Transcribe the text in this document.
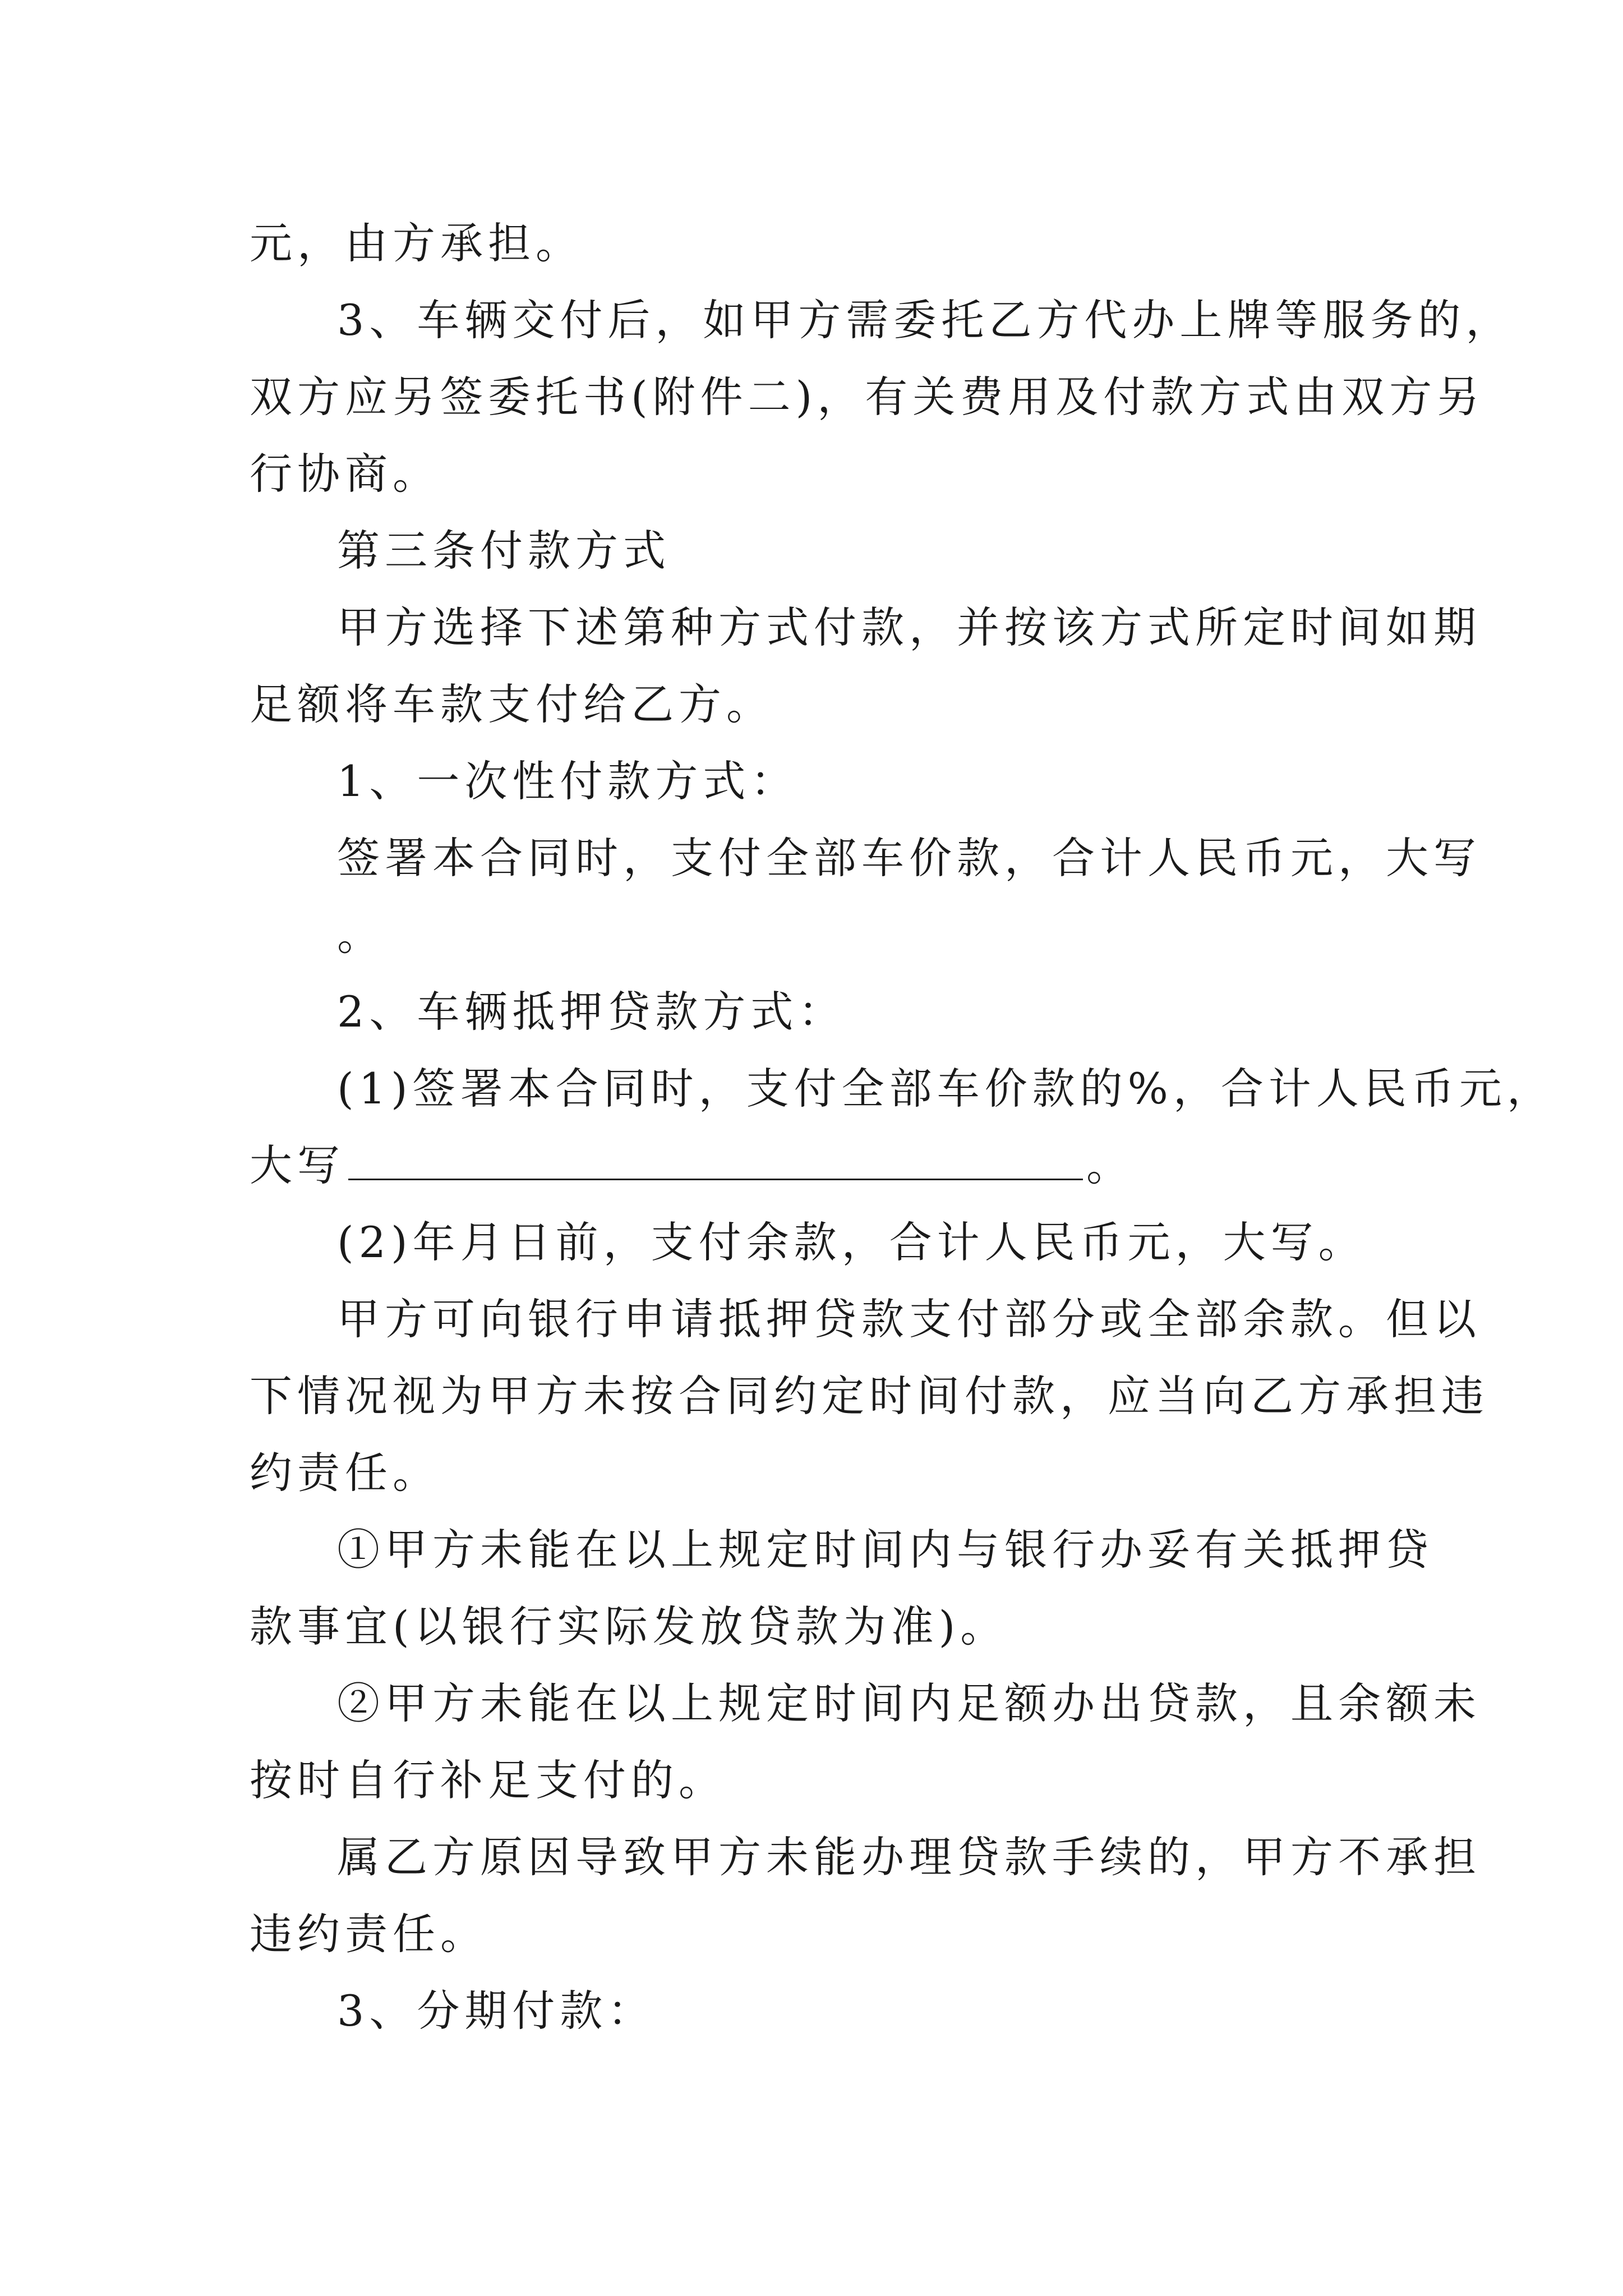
元，由方承担。
3、车辆交付后，如甲方需委托乙方代办上牌等服务的，
双方应另签委托书(附件二)，有关费用及付款方式由双方另
行协商。
第三条付款方式
甲方选择下述第种方式付款，并按该方式所定时间如期
足额将车款支付给乙方。
1、一次性付款方式：
签署本合同时，支付全部车价款，合计人民币元，大写
。
2、车辆抵押贷款方式：
(1)签署本合同时，支付全部车价款的%，合计人民币元，
大写	。
(2)年月日前，支付余款，合计人民币元，大写。
甲方可向银行申请抵押贷款支付部分或全部余款。但以
下情况视为甲方未按合同约定时间付款，应当向乙方承担违
约责任。
①甲方未能在以上规定时间内与银行办妥有关抵押贷
款事宜(以银行实际发放贷款为准)。
②甲方未能在以上规定时间内足额办出贷款，且余额未
按时自行补足支付的。
属乙方原因导致甲方未能办理贷款手续的，甲方不承担
违约责任。
3、分期付款：
